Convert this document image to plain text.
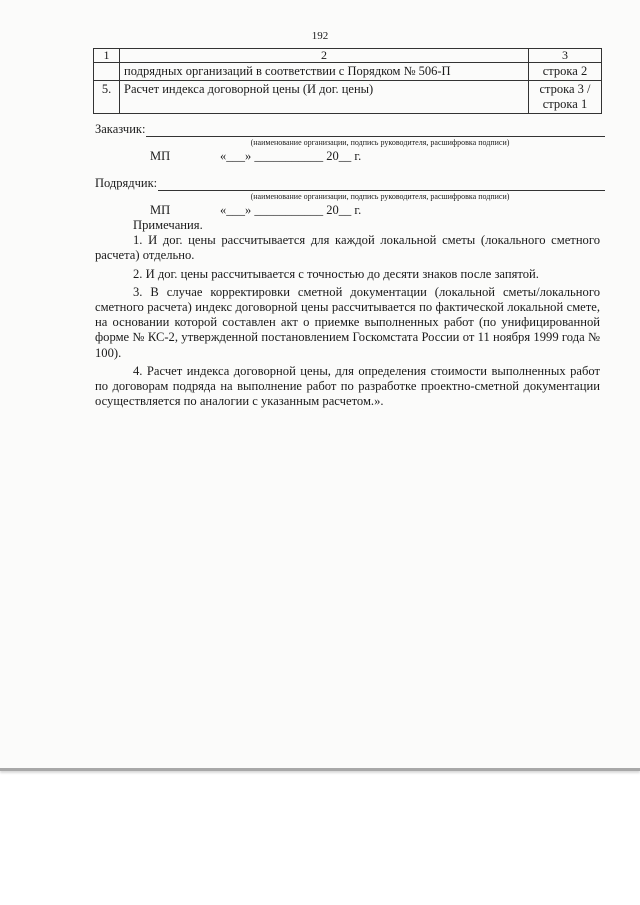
192
1	2	3
	подрядных организаций в соответствии с Порядком № 506-П	строка 2
5.	Расчет индекса договорной цены (И дог. цены)	строка 3 / строка 1
Заказчик:
(наименование организации, подпись руководителя, расшифровка подписи)
МП	«___» ___________ 20__ г.
Подрядчик:
(наименование организации, подпись руководителя, расшифровка подписи)
МП	«___» ___________ 20__ г.
Примечания.

1. И дог. цены рассчитывается для каждой локальной сметы (локального сметного расчета) отдельно.

2. И дог. цены рассчитывается с точностью до десяти знаков после запятой.

3. В случае корректировки сметной документации (локальной сметы/локального сметного расчета) индекс договорной цены рассчитывается по фактической локальной смете, на основании которой составлен акт о приемке выполненных работ (по унифицированной форме № КС-2, утвержденной постановлением Госкомстата России от 11 ноября 1999 года № 100).

4. Расчет индекса договорной цены, для определения стоимости выполненных работ по договорам подряда на выполнение работ по разработке проектно-сметной документации осуществляется по аналогии с указанным расчетом.».
